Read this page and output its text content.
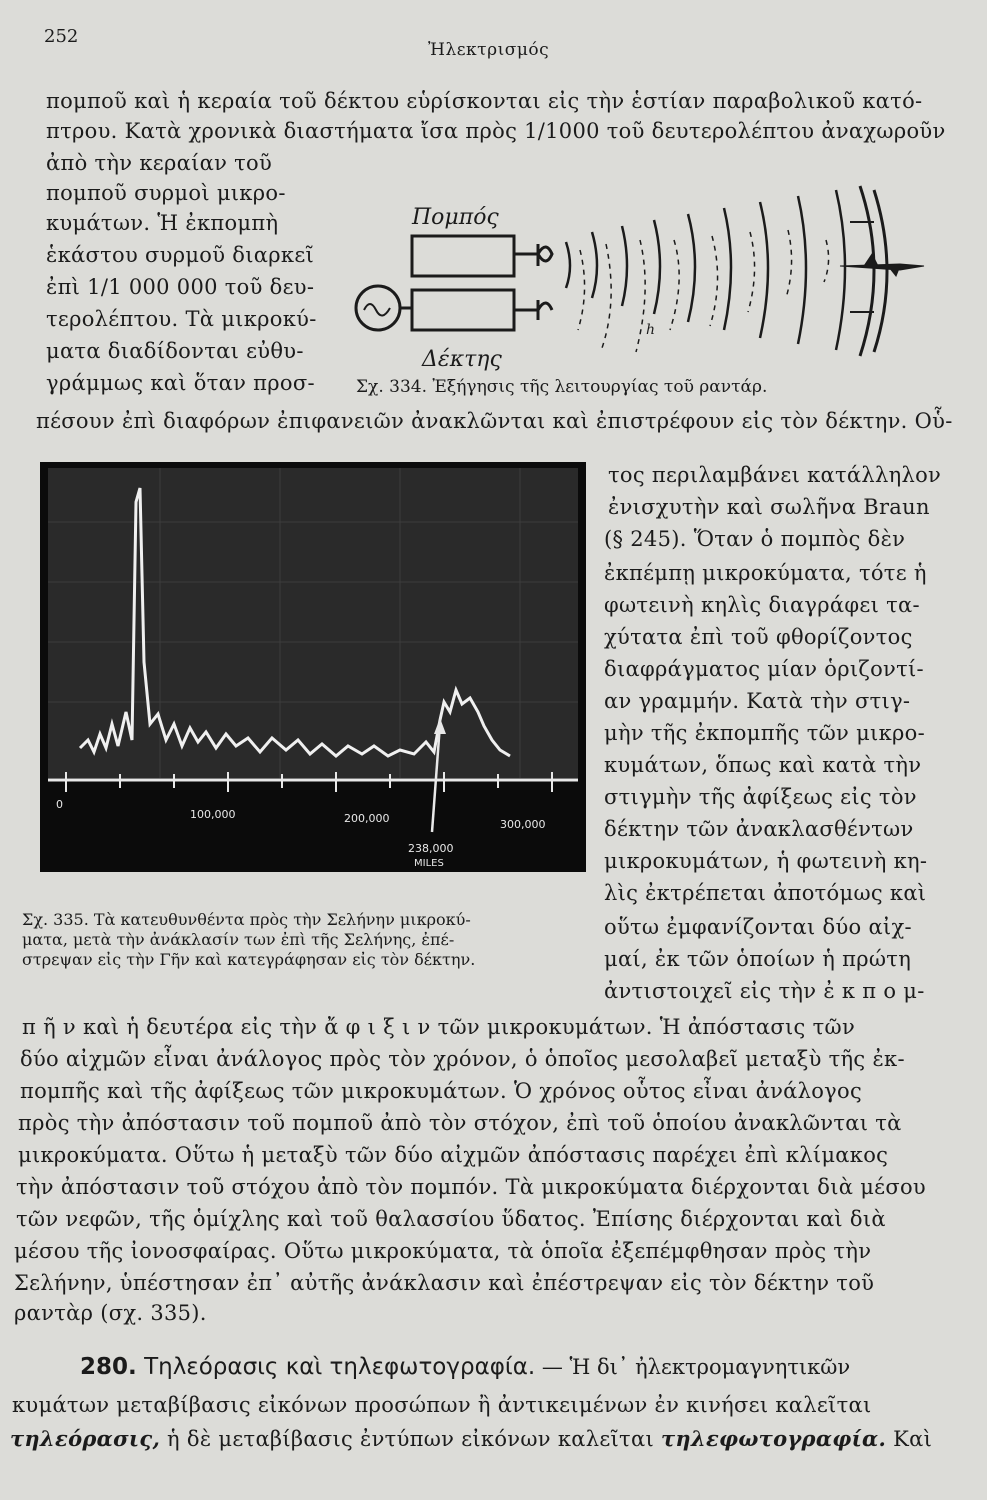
252
Ἠλεκτρισμός
πομποῦ καὶ ἡ κεραία τοῦ δέκτου εὑρίσκονται εἰς τὴν ἑστίαν παραβολικοῦ κατό-
πτρου. Κατὰ χρονικὰ διαστήματα ἴσα πρὸς 1/1000 τοῦ δευτερολέπτου ἀναχωροῦν
ἀπὸ τὴν κεραίαν τοῦ
πομποῦ συρμοὶ μικρο-
κυμάτων. Ἡ ἐκπομπὴ
ἑκάστου συρμοῦ διαρκεῖ
ἐπὶ 1/1 000 000 τοῦ δευ-
τερολέπτου. Τὰ μικροκύ-
ματα διαδίδονται εὐθυ-
γράμμως καὶ ὅταν προσ-
πέσουν ἐπὶ διαφόρων ἐπιφανειῶν ἀνακλῶνται καὶ ἐπιστρέφουν εἰς τὸν δέκτην. Οὗ-
Πομπός
Δέκτης
h
Σχ. 334. Ἐξήγησις τῆς λειτουργίας τοῦ ραντάρ.
0
100,000	200,000	300,000
238,000
MILES
τος περιλαμβάνει κατάλληλον
ἐνισχυτὴν καὶ σωλῆνα Braun
(§ 245). Ὅταν ὁ πομπὸς δὲν
ἐκπέμπῃ μικροκύματα, τότε ἡ
φωτεινὴ κηλὶς διαγράφει τα-
χύτατα ἐπὶ τοῦ φθορίζοντος
διαφράγματος μίαν ὁριζοντί-
αν γραμμήν. Κατὰ τὴν στιγ-
μὴν τῆς ἐκπομπῆς τῶν μικρο-
κυμάτων, ὅπως καὶ κατὰ τὴν
στιγμὴν τῆς ἀφίξεως εἰς τὸν
δέκτην τῶν ἀνακλασθέντων
μικροκυμάτων, ἡ φωτεινὴ κη-
λὶς ἐκτρέπεται ἀποτόμως καὶ
οὕτω ἐμφανίζονται δύο αἰχ-
μαί, ἐκ τῶν ὁποίων ἡ πρώτη
ἀντιστοιχεῖ εἰς τὴν ἐ κ π ο μ-
Σχ. 335. Τὰ κατευθυνθέντα πρὸς τὴν Σελήνην μικροκύ-
ματα, μετὰ τὴν ἀνάκλασίν των ἐπὶ τῆς Σελήνης, ἐπέ-
στρεψαν εἰς τὴν Γῆν καὶ κατεγράφησαν εἰς τὸν δέκτην.
π ῆ ν καὶ ἡ δευτέρα εἰς τὴν ἄ φ ι ξ ι ν τῶν μικροκυμάτων. Ἡ ἀπόστασις τῶν
δύο αἰχμῶν εἶναι ἀνάλογος πρὸς τὸν χρόνον, ὁ ὁποῖος μεσολαβεῖ μεταξὺ τῆς ἐκ-
πομπῆς καὶ τῆς ἀφίξεως τῶν μικροκυμάτων. Ὁ χρόνος οὗτος εἶναι ἀνάλογος
πρὸς τὴν ἀπόστασιν τοῦ πομποῦ ἀπὸ τὸν στόχον, ἐπὶ τοῦ ὁποίου ἀνακλῶνται τὰ
μικροκύματα. Οὕτω ἡ μεταξὺ τῶν δύο αἰχμῶν ἀπόστασις παρέχει ἐπὶ κλίμακος
τὴν ἀπόστασιν τοῦ στόχου ἀπὸ τὸν πομπόν. Τὰ μικροκύματα διέρχονται διὰ μέσου
τῶν νεφῶν, τῆς ὁμίχλης καὶ τοῦ θαλασσίου ὕδατος. Ἐπίσης διέρχονται καὶ διὰ
μέσου τῆς ἰονοσφαίρας. Οὕτω μικροκύματα, τὰ ὁποῖα ἐξεπέμφθησαν πρὸς τὴν
Σελήνην, ὑπέστησαν ἐπ᾽ αὐτῆς ἀνάκλασιν καὶ ἐπέστρεψαν εἰς τὸν δέκτην τοῦ
ραντὰρ (σχ. 335).
280. Τηλεόρασις καὶ τηλεφωτογραφία. — Ἡ δι᾽ ἠλεκτρομαγνητικῶν
κυμάτων μεταβίβασις εἰκόνων προσώπων ἢ ἀντικειμένων ἐν κινήσει καλεῖται
τηλεόρασις, ἡ δὲ μεταβίβασις ἐντύπων εἰκόνων καλεῖται τηλεφωτογραφία. Καὶ
